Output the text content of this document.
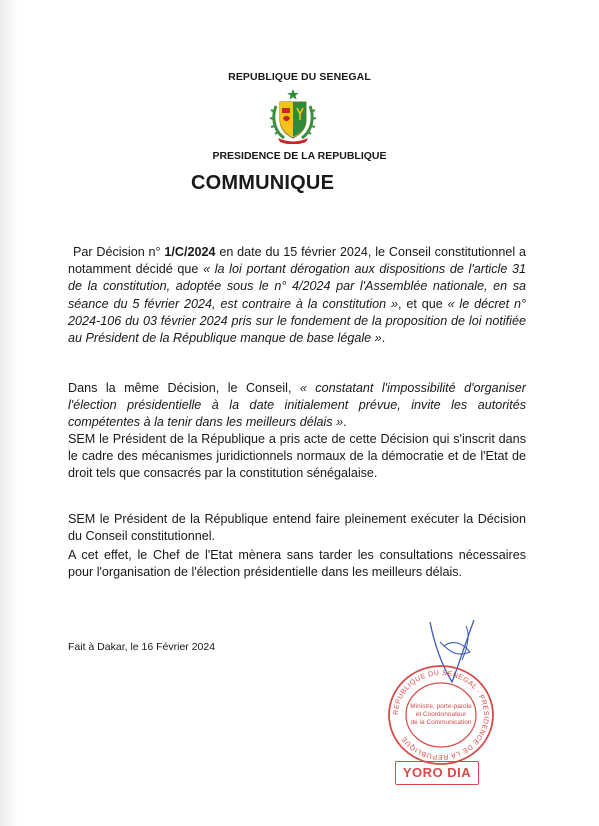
REPUBLIQUE DU SENEGAL
PRESIDENCE DE LA REPUBLIQUE
COMMUNIQUE

Par Décision n° 1/C/2024 en date du 15 février 2024, le Conseil constitutionnel a notamment décidé que « la loi portant dérogation aux dispositions de l'article 31 de la constitution, adoptée sous le n° 4/2024 par l'Assemblée nationale, en sa séance du 5 février 2024, est contraire à la constitution », et que « le décret n° 2024-106 du 03 février 2024 pris sur le fondement de la proposition de loi notifiée au Président de la République manque de base légale ».

Dans la même Décision, le Conseil, « constatant l'impossibilité d'organiser l'élection présidentielle à la date initialement prévue, invite les autorités compétentes à la tenir dans les meilleurs délais ».

SEM le Président de la République a pris acte de cette Décision qui s'inscrit dans le cadre des mécanismes juridictionnels normaux de la démocratie et de l'Etat de droit tels que consacrés par la constitution sénégalaise.

SEM le Président de la République entend faire pleinement exécuter la Décision du Conseil constitutionnel.

A cet effet, le Chef de l'Etat mènera sans tarder les consultations nécessaires pour l'organisation de l'élection présidentielle dans les meilleurs délais.

Fait à Dakar, le 16 Février 2024
REPUBLIQUE DU SENEGAL · PRESIDENCE DE LA REPUBLIQUE
Ministre, porte-parole
et Coordonnateur
de la Communication
YORO DIA
